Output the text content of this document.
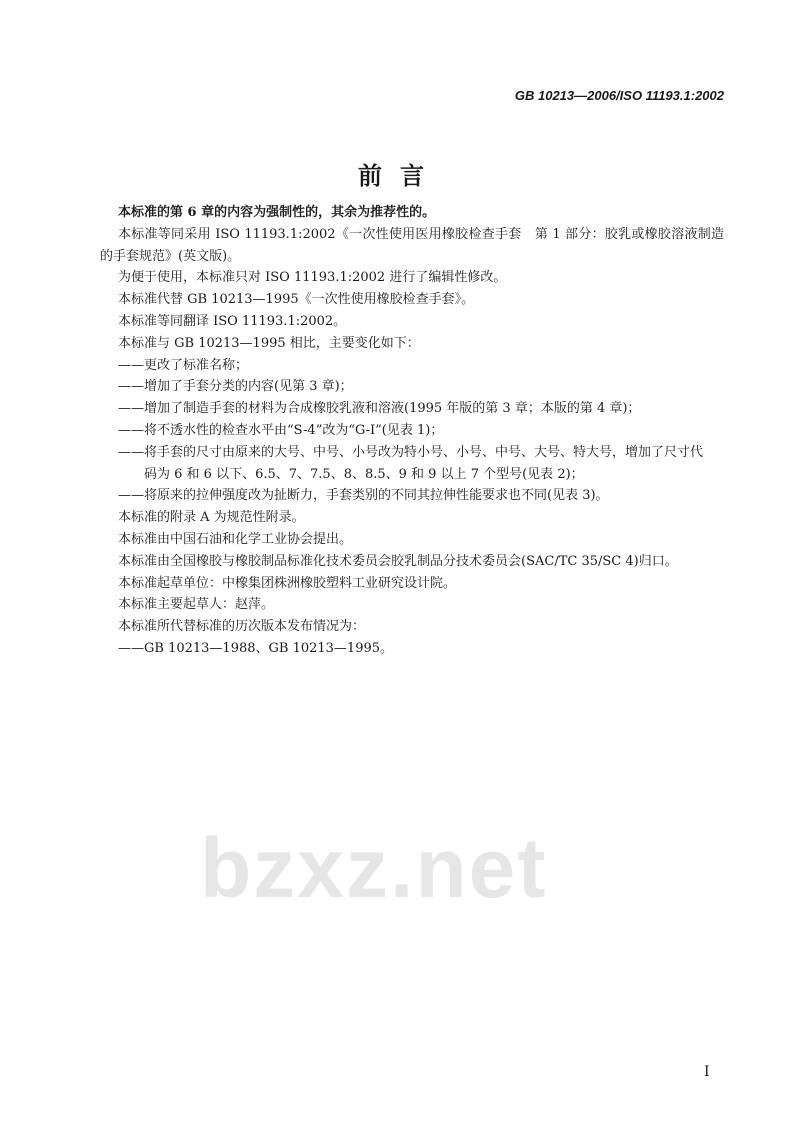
GB 10213—2006/ISO 11193.1:2002
前言

本标准的第 6 章的内容为强制性的，其余为推荐性的。

本标准等同采用 ISO 11193.1:2002《一次性使用医用橡胶检查手套　第 1 部分：胶乳或橡胶溶液制造的手套规范》(英文版)。

为便于使用，本标准只对 ISO 11193.1:2002 进行了编辑性修改。

本标准代替 GB 10213—1995《一次性使用橡胶检查手套》。

本标准等同翻译 ISO 11193.1:2002。

本标准与 GB 10213—1995 相比，主要变化如下：

——更改了标准名称；

——增加了手套分类的内容(见第 3 章)；

——增加了制造手套的材料为合成橡胶乳液和溶液(1995 年版的第 3 章；本版的第 4 章)；

——将不透水性的检查水平由“S-4”改为“G-Ⅰ”(见表 1)；

——将手套的尺寸由原来的大号、中号、小号改为特小号、小号、中号、大号、特大号，增加了尺寸代
码为 6 和 6 以下、6.5、7、7.5、8、8.5、9 和 9 以上 7 个型号(见表 2)；

——将原来的拉伸强度改为扯断力，手套类别的不同其拉伸性能要求也不同(见表 3)。

本标准的附录 A 为规范性附录。

本标准由中国石油和化学工业协会提出。

本标准由全国橡胶与橡胶制品标准化技术委员会胶乳制品分技术委员会(SAC/TC 35/SC 4)归口。

本标准起草单位：中橡集团株洲橡胶塑料工业研究设计院。

本标准主要起草人：赵萍。

本标准所代替标准的历次版本发布情况为：

——GB 10213—1988、GB 10213—1995。

bzxz.net
I
